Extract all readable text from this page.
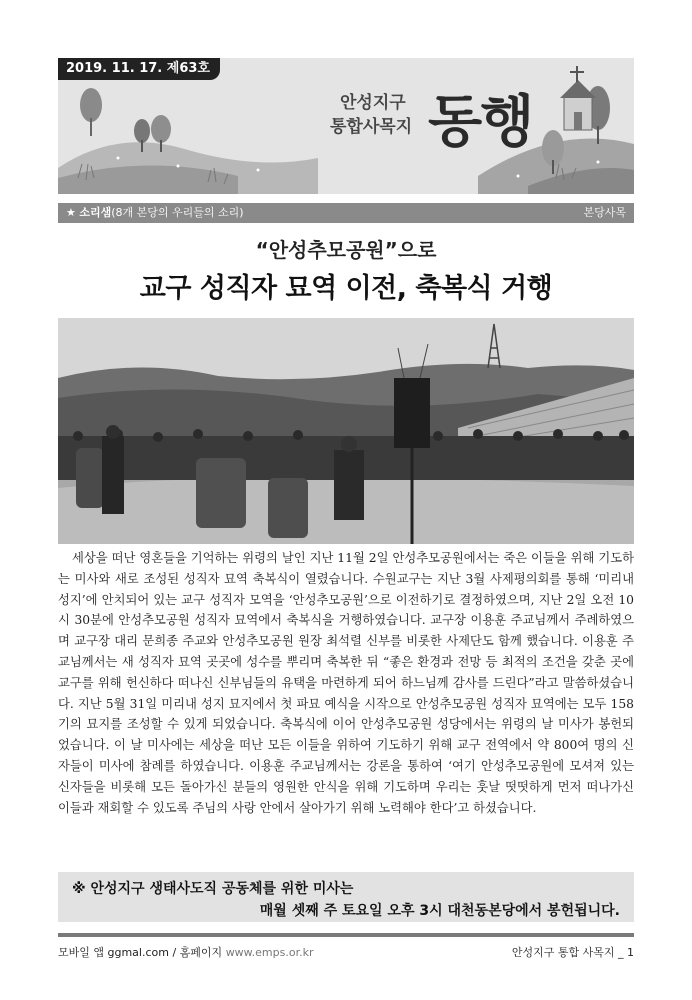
2019. 11. 17. 제63호
안성지구
통합사목지 동행
★ 소리샘(8개 본당의 우리들의 소리)	본당사목
“안성추모공원”으로
교구 성직자 묘역 이전, 축복식 거행

세상을 떠난 영혼들을 기억하는 위령의 날인 지난 11월 2일 안성추모공원에서는 죽은 이들을 위해 기도하는 미사와 새로 조성된 성직자 묘역 축복식이 열렸습니다. 수원교구는 지난 3월 사제평의회를 통해 ‘미리내 성지’에 안치되어 있는 교구 성직자 모역을 ‘안성추모공원’으로 이전하기로 결정하였으며, 지난 2일 오전 10시 30분에 안성추모공원 성직자 묘역에서 축복식을 거행하였습니다. 교구장 이용훈 주교님께서 주례하였으며 교구장 대리 문희종 주교와 안성추모공원 원장 최석렬 신부를 비롯한 사제단도 함께 했습니다. 이용훈 주교님께서는 새 성직자 묘역 곳곳에 성수를 뿌리며 축복한 뒤 “좋은 환경과 전망 등 최적의 조건을 갖춘 곳에 교구를 위해 헌신하다 떠나신 신부님들의 유택을 마련하게 되어 하느님께 감사를 드린다”라고 말씀하셨습니다. 지난 5월 31일 미리내 성지 묘지에서 첫 파묘 예식을 시작으로 안성추모공원 성직자 묘역에는 모두 158기의 묘지를 조성할 수 있게 되었습니다. 축복식에 이어 안성추모공원 성당에서는 위령의 날 미사가 봉헌되었습니다. 이 날 미사에는 세상을 떠난 모든 이들을 위하여 기도하기 위해 교구 전역에서 약 800여 명의 신자들이 미사에 참례를 하였습니다. 이용훈 주교님께서는 강론을 통하여 ‘여기 안성추모공원에 모셔져 있는 신자들을 비롯해 모든 돌아가신 분들의 영원한 안식을 위해 기도하며 우리는 훗날 떳떳하게 먼저 떠나가신 이들과 재회할 수 있도록 주님의 사랑 안에서 살아가기 위해 노력해야 한다’고 하셨습니다.

※ 안성지구 생태사도직 공동체를 위한 미사는
매월 셋째 주 토요일 오후 3시 대천동본당에서 봉헌됩니다.
모바일 앱 ggmal.com / 홈페이지 www.emps.or.kr	안성지구 통합 사목지 _ 1
